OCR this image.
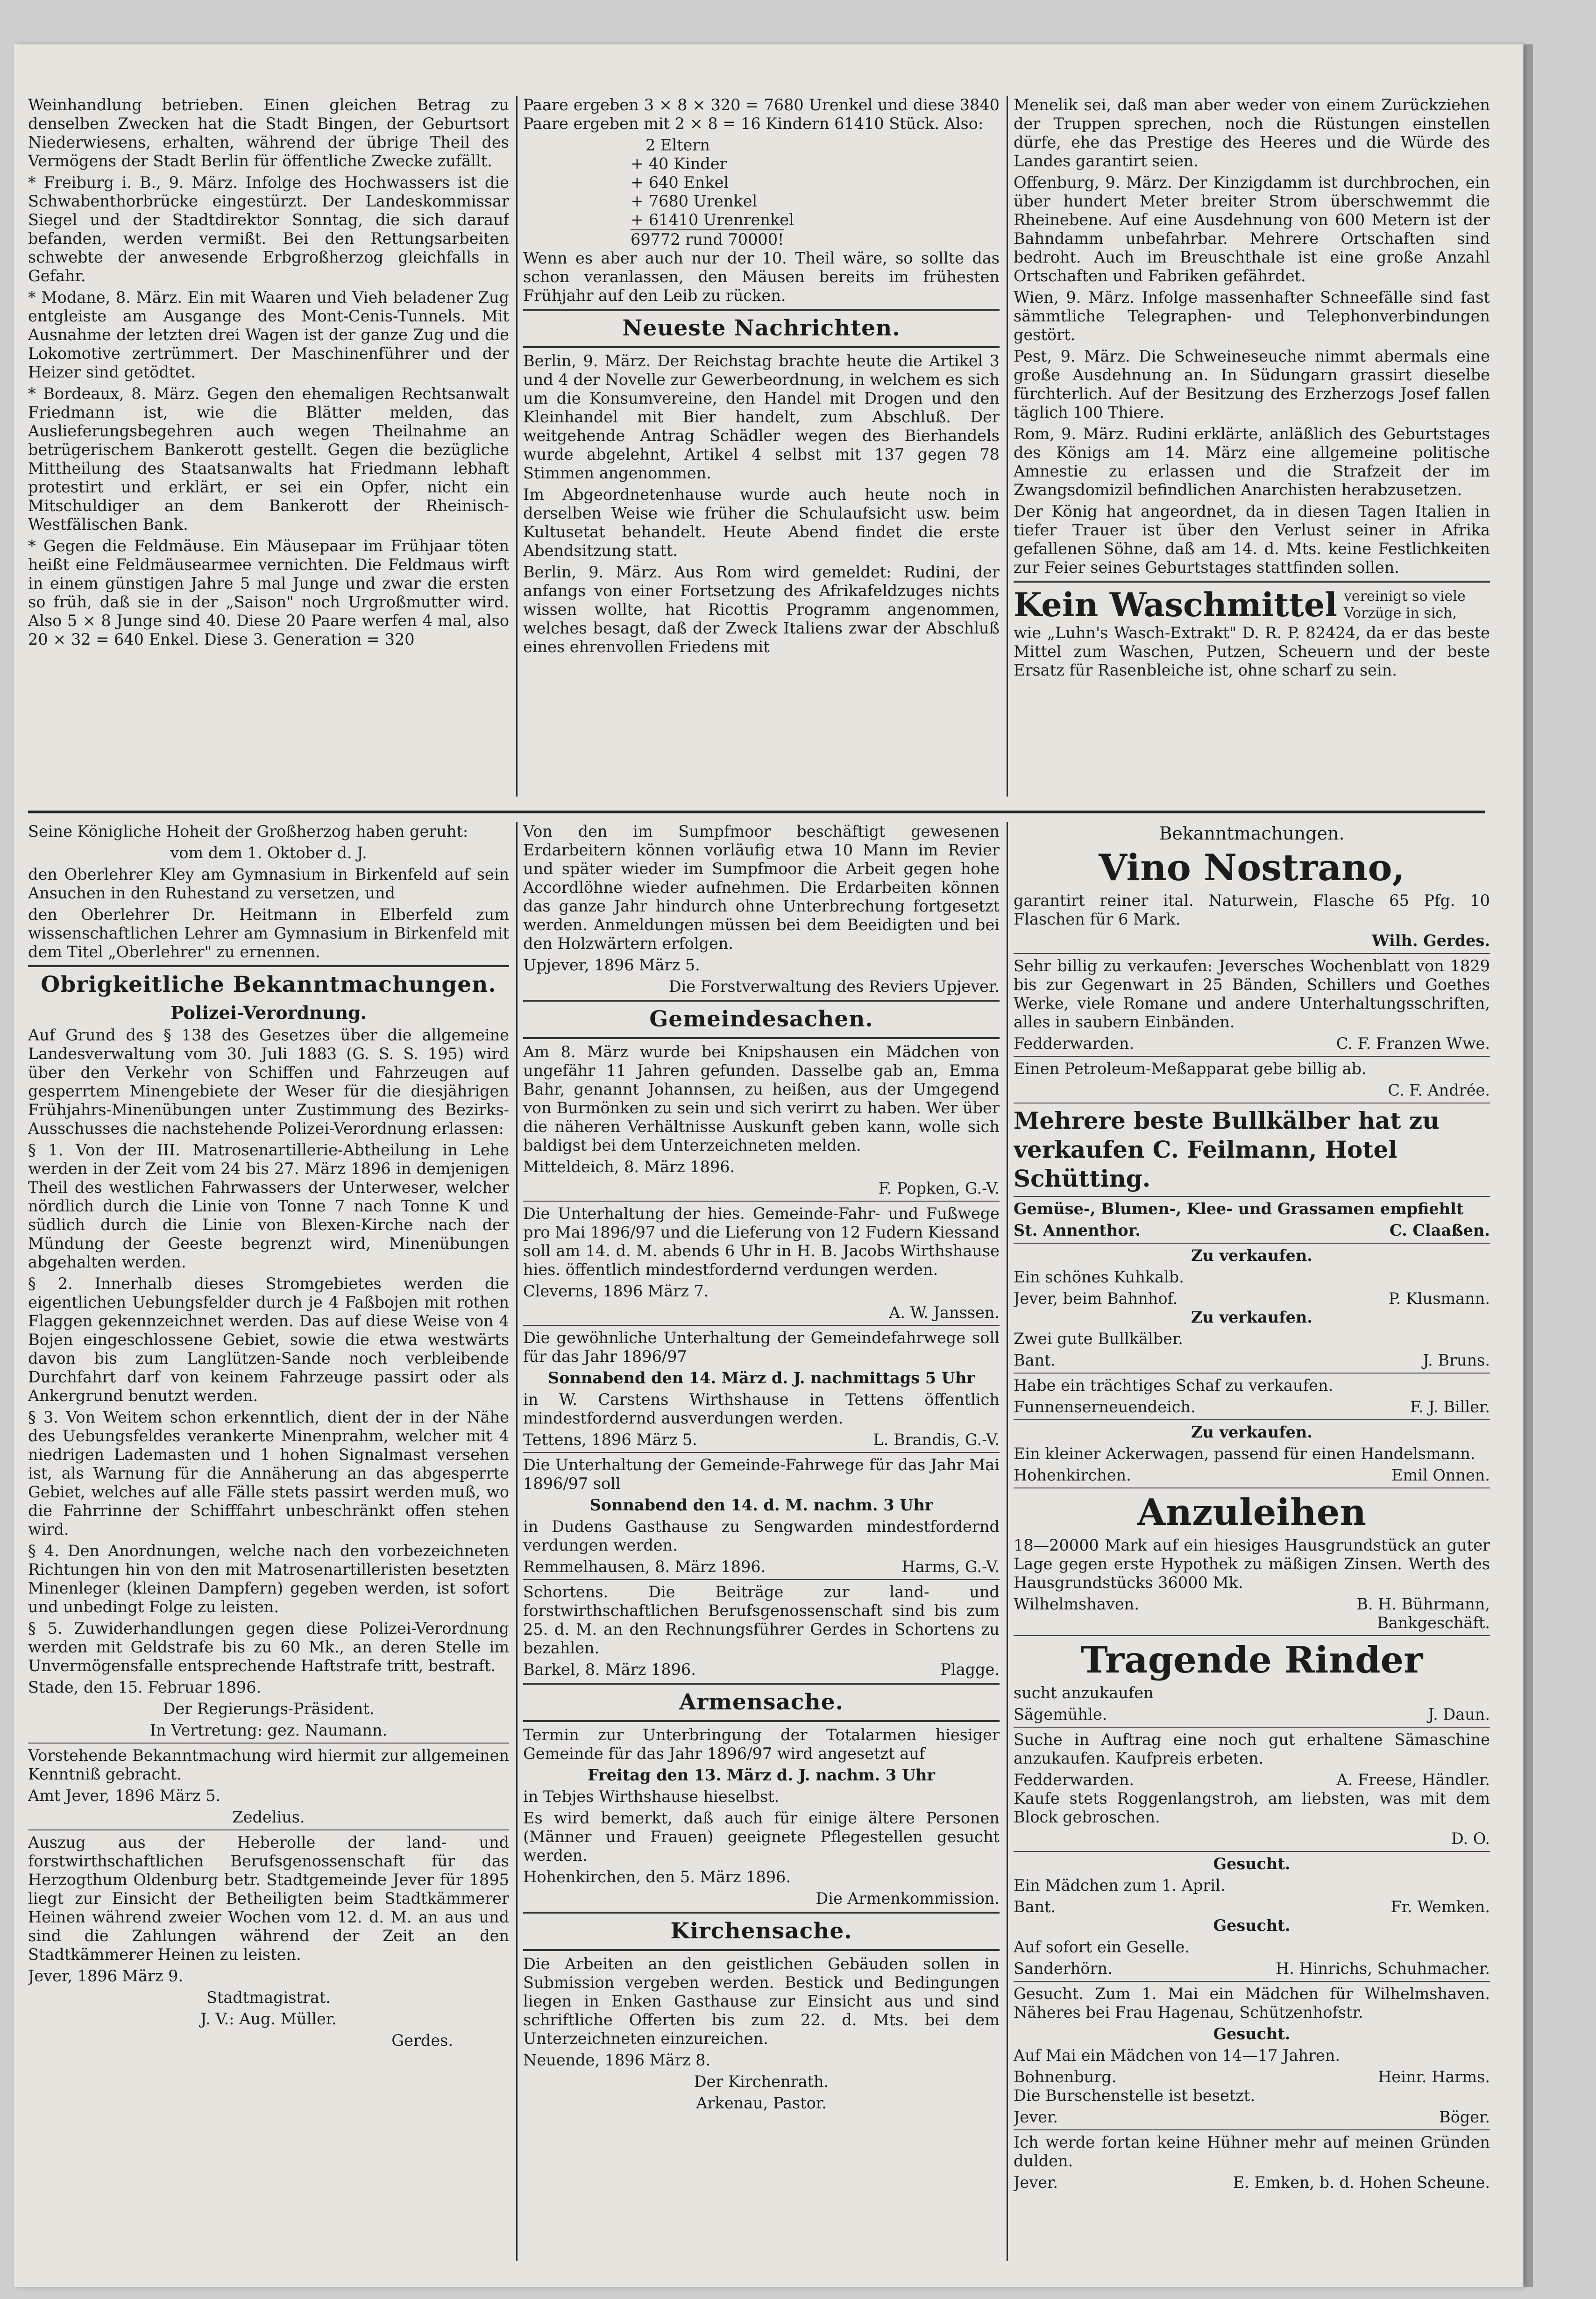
Weinhandlung betrieben. Einen gleichen Betrag zu denselben Zwecken hat die Stadt Bingen, der Geburtsort Niederwiesens, erhalten, während der übrige Theil des Vermögens der Stadt Berlin für öffentliche Zwecke zufällt.

* Freiburg i. B., 9. März. Infolge des Hochwassers ist die Schwabenthorbrücke eingestürzt. Der Landeskommissar Siegel und der Stadtdirektor Sonntag, die sich darauf befanden, werden vermißt. Bei den Rettungsarbeiten schwebte der anwesende Erbgroßherzog gleichfalls in Gefahr.

* Modane, 8. März. Ein mit Waaren und Vieh beladener Zug entgleiste am Ausgange des Mont-Cenis-Tunnels. Mit Ausnahme der letzten drei Wagen ist der ganze Zug und die Lokomotive zertrümmert. Der Maschinenführer und der Heizer sind getödtet.

* Bordeaux, 8. März. Gegen den ehemaligen Rechtsanwalt Friedmann ist, wie die Blätter melden, das Auslieferungsbegehren auch wegen Theilnahme an betrügerischem Bankerott gestellt. Gegen die bezügliche Mittheilung des Staatsanwalts hat Friedmann lebhaft protestirt und erklärt, er sei ein Opfer, nicht ein Mitschuldiger an dem Bankerott der Rheinisch-Westfälischen Bank.

* Gegen die Feldmäuse. Ein Mäusepaar im Frühjaar töten heißt eine Feldmäusearmee vernichten. Die Feldmaus wirft in einem günstigen Jahre 5 mal Junge und zwar die ersten so früh, daß sie in der „Saison" noch Urgroßmutter wird. Also 5 × 8 Junge sind 40. Diese 20 Paare werfen 4 mal, also 20 × 32 = 640 Enkel. Diese 3. Generation = 320

Paare ergeben 3 × 8 × 320 = 7680 Urenkel und diese 3840 Paare ergeben mit 2 × 8 = 16 Kindern 61410 Stück. Also:

2 Eltern
+ 40 Kinder
+ 640 Enkel
+ 7680 Urenkel
+ 61410 Urenrenkel
69772 rund 70000!

Wenn es aber auch nur der 10. Theil wäre, so sollte das schon veranlassen, den Mäusen bereits im frühesten Frühjahr auf den Leib zu rücken.

Neueste Nachrichten.

Berlin, 9. März. Der Reichstag brachte heute die Artikel 3 und 4 der Novelle zur Gewerbeordnung, in welchem es sich um die Konsumvereine, den Handel mit Drogen und den Kleinhandel mit Bier handelt, zum Abschluß. Der weitgehende Antrag Schädler wegen des Bierhandels wurde abgelehnt, Artikel 4 selbst mit 137 gegen 78 Stimmen angenommen.

Im Abgeordnetenhause wurde auch heute noch in derselben Weise wie früher die Schulaufsicht usw. beim Kultusetat behandelt. Heute Abend findet die erste Abendsitzung statt.

Berlin, 9. März. Aus Rom wird gemeldet: Rudini, der anfangs von einer Fortsetzung des Afrikafeldzuges nichts wissen wollte, hat Ricottis Programm angenommen, welches besagt, daß der Zweck Italiens zwar der Abschluß eines ehrenvollen Friedens mit

Menelik sei, daß man aber weder von einem Zurückziehen der Truppen sprechen, noch die Rüstungen einstellen dürfe, ehe das Prestige des Heeres und die Würde des Landes garantirt seien.

Offenburg, 9. März. Der Kinzigdamm ist durchbrochen, ein über hundert Meter breiter Strom überschwemmt die Rheinebene. Auf eine Ausdehnung von 600 Metern ist der Bahndamm unbefahrbar. Mehrere Ortschaften sind bedroht. Auch im Breuschthale ist eine große Anzahl Ortschaften und Fabriken gefährdet.

Wien, 9. März. Infolge massenhafter Schneefälle sind fast sämmtliche Telegraphen- und Telephonverbindungen gestört.

Pest, 9. März. Die Schweineseuche nimmt abermals eine große Ausdehnung an. In Südungarn grassirt dieselbe fürchterlich. Auf der Besitzung des Erzherzogs Josef fallen täglich 100 Thiere.

Rom, 9. März. Rudini erklärte, anläßlich des Geburtstages des Königs am 14. März eine allgemeine politische Amnestie zu erlassen und die Strafzeit der im Zwangsdomizil befindlichen Anarchisten herabzusetzen.

Der König hat angeordnet, da in diesen Tagen Italien in tiefer Trauer ist über den Verlust seiner in Afrika gefallenen Söhne, daß am 14. d. Mts. keine Festlichkeiten zur Feier seines Geburtstages stattfinden sollen.

Kein Waschmittel vereinigt so viele Vorzüge in sich,

wie „Luhn's Wasch-Extrakt" D. R. P. 82424, da er das beste Mittel zum Waschen, Putzen, Scheuern und der beste Ersatz für Rasenbleiche ist, ohne scharf zu sein.

Seine Königliche Hoheit der Großherzog haben geruht:

vom dem 1. Oktober d. J.

den Oberlehrer Kley am Gymnasium in Birkenfeld auf sein Ansuchen in den Ruhestand zu versetzen, und

den Oberlehrer Dr. Heitmann in Elberfeld zum wissenschaftlichen Lehrer am Gymnasium in Birkenfeld mit dem Titel „Oberlehrer" zu ernennen.

Obrigkeitliche Bekanntmachungen.
Polizei-Verordnung.

Auf Grund des § 138 des Gesetzes über die allgemeine Landesverwaltung vom 30. Juli 1883 (G. S. S. 195) wird über den Verkehr von Schiffen und Fahrzeugen auf gesperrtem Minengebiete der Weser für die diesjährigen Frühjahrs-Minenübungen unter Zustimmung des Bezirks-Ausschusses die nachstehende Polizei-Verordnung erlassen:

§ 1. Von der III. Matrosenartillerie-Abtheilung in Lehe werden in der Zeit vom 24 bis 27. März 1896 in demjenigen Theil des westlichen Fahrwassers der Unterweser, welcher nördlich durch die Linie von Tonne 7 nach Tonne K und südlich durch die Linie von Blexen-Kirche nach der Mündung der Geeste begrenzt wird, Minenübungen abgehalten werden.

§ 2. Innerhalb dieses Stromgebietes werden die eigentlichen Uebungsfelder durch je 4 Faßbojen mit rothen Flaggen gekennzeichnet werden. Das auf diese Weise von 4 Bojen eingeschlossene Gebiet, sowie die etwa westwärts davon bis zum Langlützen-Sande noch verbleibende Durchfahrt darf von keinem Fahrzeuge passirt oder als Ankergrund benutzt werden.

§ 3. Von Weitem schon erkenntlich, dient der in der Nähe des Uebungsfeldes verankerte Minenprahm, welcher mit 4 niedrigen Lademasten und 1 hohen Signalmast versehen ist, als Warnung für die Annäherung an das abgesperrte Gebiet, welches auf alle Fälle stets passirt werden muß, wo die Fahrrinne der Schifffahrt unbeschränkt offen stehen wird.

§ 4. Den Anordnungen, welche nach den vorbezeichneten Richtungen hin von den mit Matrosenartilleristen besetzten Minenleger (kleinen Dampfern) gegeben werden, ist sofort und unbedingt Folge zu leisten.

§ 5. Zuwiderhandlungen gegen diese Polizei-Verordnung werden mit Geldstrafe bis zu 60 Mk., an deren Stelle im Unvermögensfalle entsprechende Haftstrafe tritt, bestraft.

Stade, den 15. Februar 1896.

Der Regierungs-Präsident.

In Vertretung: gez. Naumann.

Vorstehende Bekanntmachung wird hiermit zur allgemeinen Kenntniß gebracht.

Amt Jever, 1896 März 5.

Zedelius.

Auszug aus der Heberolle der land- und forstwirthschaftlichen Berufsgenossenschaft für das Herzogthum Oldenburg betr. Stadtgemeinde Jever für 1895 liegt zur Einsicht der Betheiligten beim Stadtkämmerer Heinen während zweier Wochen vom 12. d. M. an aus und sind die Zahlungen während der Zeit an den Stadtkämmerer Heinen zu leisten.

Jever, 1896 März 9.

Stadtmagistrat.

J. V.: Aug. Müller.

Gerdes.

Von den im Sumpfmoor beschäftigt gewesenen Erdarbeitern können vorläufig etwa 10 Mann im Revier und später wieder im Sumpfmoor die Arbeit gegen hohe Accordlöhne wieder aufnehmen. Die Erdarbeiten können das ganze Jahr hindurch ohne Unterbrechung fortgesetzt werden. Anmeldungen müssen bei dem Beeidigten und bei den Holzwärtern erfolgen.

Upjever, 1896 März 5.

Die Forstverwaltung des Reviers Upjever.

Gemeindesachen.

Am 8. März wurde bei Knipshausen ein Mädchen von ungefähr 11 Jahren gefunden. Dasselbe gab an, Emma Bahr, genannt Johannsen, zu heißen, aus der Umgegend von Burmönken zu sein und sich verirrt zu haben. Wer über die näheren Verhältnisse Auskunft geben kann, wolle sich baldigst bei dem Unterzeichneten melden.

Mitteldeich, 8. März 1896.

F. Popken, G.-V.

Die Unterhaltung der hies. Gemeinde-Fahr- und Fußwege pro Mai 1896/97 und die Lieferung von 12 Fudern Kiessand soll am 14. d. M. abends 6 Uhr in H. B. Jacobs Wirthshause hies. öffentlich mindestfordernd verdungen werden.

Cleverns, 1896 März 7.

A. W. Janssen.

Die gewöhnliche Unterhaltung der Gemeindefahrwege soll für das Jahr 1896/97

Sonnabend den 14. März d. J. nachmittags 5 Uhr

in W. Carstens Wirthshause in Tettens öffentlich mindestfordernd ausverdungen werden.

Tettens, 1896 März 5.	L. Brandis, G.-V.

Die Unterhaltung der Gemeinde-Fahrwege für das Jahr Mai 1896/97 soll

Sonnabend den 14. d. M. nachm. 3 Uhr

in Dudens Gasthause zu Sengwarden mindestfordernd verdungen werden.

Remmelhausen, 8. März 1896.	Harms, G.-V.

Schortens. Die Beiträge zur land- und forstwirthschaftlichen Berufsgenossenschaft sind bis zum 25. d. M. an den Rechnungsführer Gerdes in Schortens zu bezahlen.

Barkel, 8. März 1896.	Plagge.
Armensache.

Termin zur Unterbringung der Totalarmen hiesiger Gemeinde für das Jahr 1896/97 wird angesetzt auf

Freitag den 13. März d. J. nachm. 3 Uhr

in Tebjes Wirthshause hieselbst.

Es wird bemerkt, daß auch für einige ältere Personen (Männer und Frauen) geeignete Pflegestellen gesucht werden.

Hohenkirchen, den 5. März 1896.

Die Armenkommission.

Kirchensache.

Die Arbeiten an den geistlichen Gebäuden sollen in Submission vergeben werden. Bestick und Bedingungen liegen in Enken Gasthause zur Einsicht aus und sind schriftliche Offerten bis zum 22. d. Mts. bei dem Unterzeichneten einzureichen.

Neuende, 1896 März 8.

Der Kirchenrath.

Arkenau, Pastor.

Bekanntmachungen.
Vino Nostrano,

garantirt reiner ital. Naturwein, Flasche 65 Pfg. 10 Flaschen für 6 Mark.

Wilh. Gerdes.

Sehr billig zu verkaufen: Jeversches Wochenblatt von 1829 bis zur Gegenwart in 25 Bänden, Schillers und Goethes Werke, viele Romane und andere Unterhaltungsschriften, alles in saubern Einbänden.

Fedderwarden.	C. F. Franzen Wwe.

Einen Petroleum-Meßapparat gebe billig ab.

C. F. Andrée.

Mehrere beste Bullkälber hat zu verkaufen C. Feilmann, Hotel Schütting.

Gemüse-, Blumen-, Klee- und Grassamen empfiehlt

St. Annenthor.	C. Claaßen.

Zu verkaufen.

Ein schönes Kuhkalb.

Jever, beim Bahnhof.	P. Klusmann.

Zu verkaufen.

Zwei gute Bullkälber.

Bant.	J. Bruns.

Habe ein trächtiges Schaf zu verkaufen.

Funnenserneuendeich.	F. J. Biller.

Zu verkaufen.

Ein kleiner Ackerwagen, passend für einen Handelsmann.

Hohenkirchen.	Emil Onnen.
Anzuleihen

18—20000 Mark auf ein hiesiges Hausgrundstück an guter Lage gegen erste Hypothek zu mäßigen Zinsen. Werth des Hausgrundstücks 36000 Mk.

Wilhelmshaven.	B. H. Bührmann,

Bankgeschäft.

Tragende Rinder

sucht anzukaufen

Sägemühle.	J. Daun.

Suche in Auftrag eine noch gut erhaltene Sämaschine anzukaufen. Kaufpreis erbeten.

Fedderwarden.	A. Freese, Händler.

Kaufe stets Roggenlangstroh, am liebsten, was mit dem Block gebroschen.

D. O.

Gesucht.

Ein Mädchen zum 1. April.

Bant.	Fr. Wemken.

Gesucht.

Auf sofort ein Geselle.

Sanderhörn.	H. Hinrichs, Schuhmacher.

Gesucht. Zum 1. Mai ein Mädchen für Wilhelmshaven. Näheres bei Frau Hagenau, Schützenhofstr.

Gesucht.

Auf Mai ein Mädchen von 14—17 Jahren.

Bohnenburg.	Heinr. Harms.

Die Burschenstelle ist besetzt.

Jever.	Böger.

Ich werde fortan keine Hühner mehr auf meinen Gründen dulden.

Jever.	E. Emken, b. d. Hohen Scheune.
